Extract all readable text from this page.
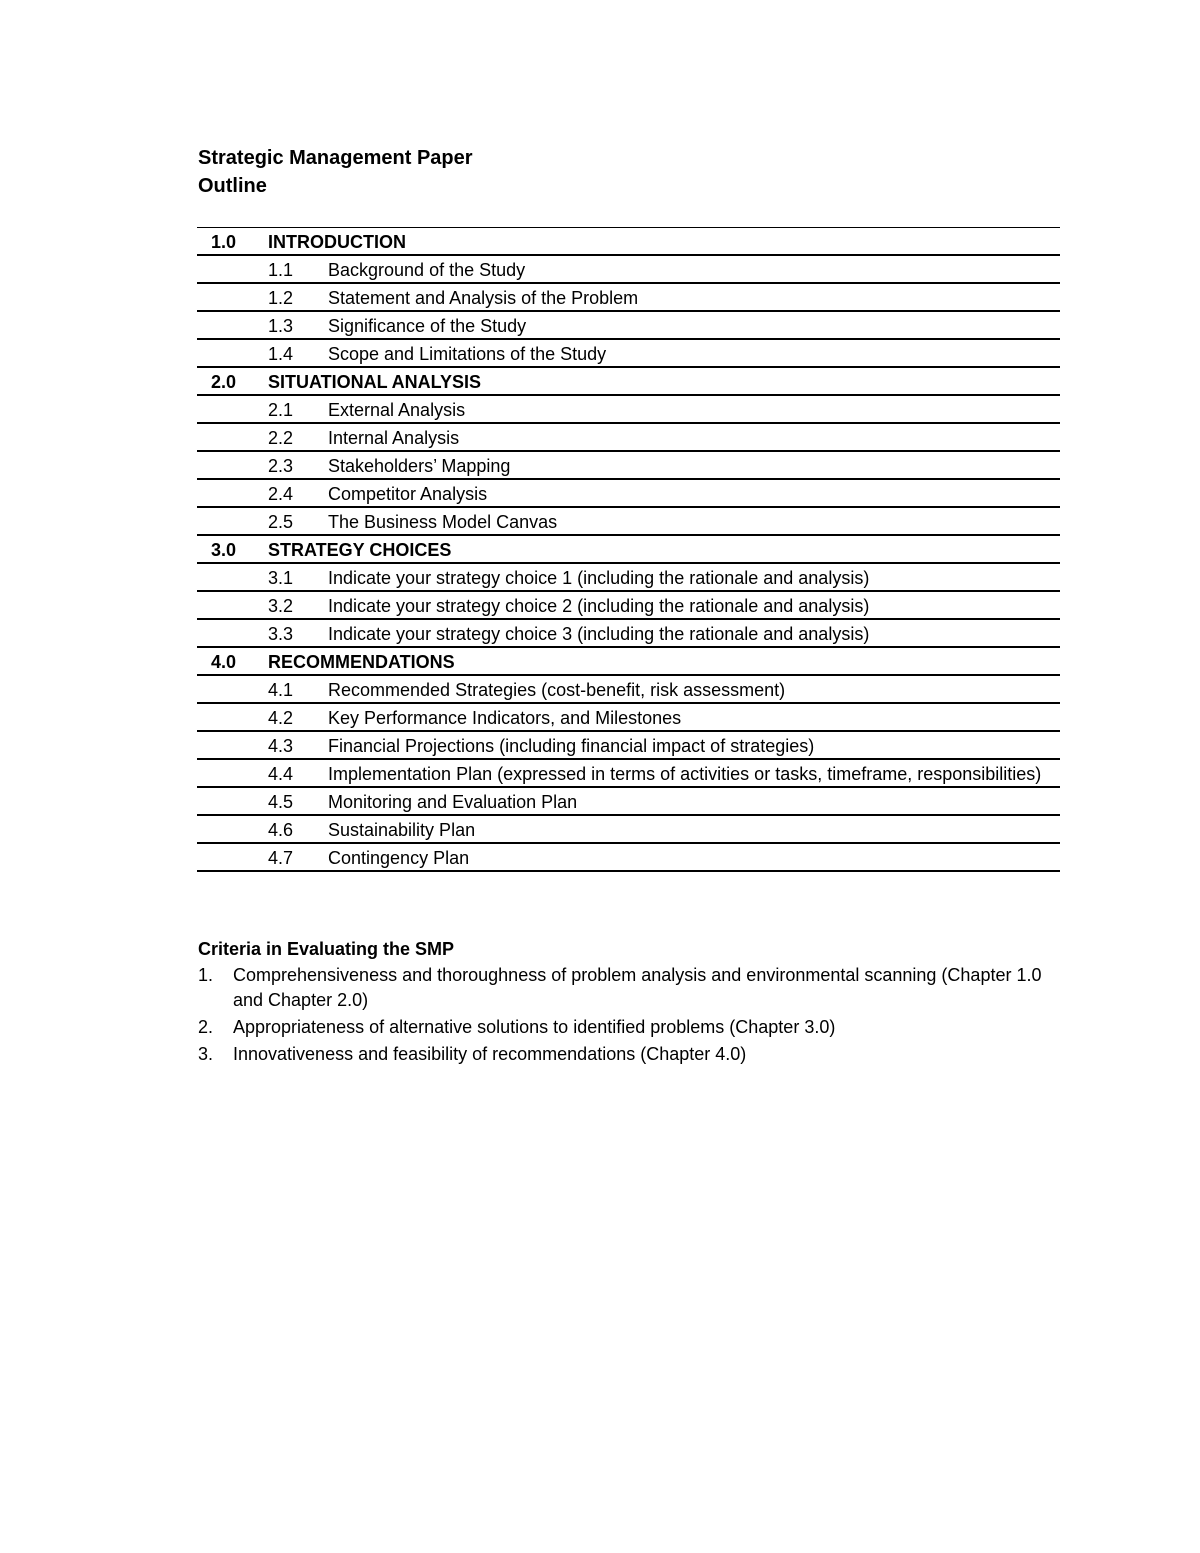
Strategic Management Paper
Outline
1.0	INTRODUCTION
1.1	Background of the Study
1.2	Statement and Analysis of the Problem
1.3	Significance of the Study
1.4	Scope and Limitations of the Study
2.0	SITUATIONAL ANALYSIS
2.1	External Analysis
2.2	Internal Analysis
2.3	Stakeholders’ Mapping
2.4	Competitor Analysis
2.5	The Business Model Canvas
3.0	STRATEGY CHOICES
3.1	Indicate your strategy choice 1 (including the rationale and analysis)
3.2	Indicate your strategy choice 2 (including the rationale and analysis)
3.3	Indicate your strategy choice 3 (including the rationale and analysis)
4.0	RECOMMENDATIONS
4.1	Recommended Strategies (cost-benefit, risk assessment)
4.2	Key Performance Indicators, and Milestones
4.3	Financial Projections (including financial impact of strategies)
4.4	Implementation Plan (expressed in terms of activities or tasks, timeframe, responsibilities)
4.5	Monitoring and Evaluation Plan
4.6	Sustainability Plan
4.7	Contingency Plan
Criteria in Evaluating the SMP
1.	Comprehensiveness and thoroughness of problem analysis and environmental scanning (Chapter 1.0 and Chapter 2.0)
2.	Appropriateness of alternative solutions to identified problems (Chapter 3.0)
3.	Innovativeness and feasibility of recommendations (Chapter 4.0)
